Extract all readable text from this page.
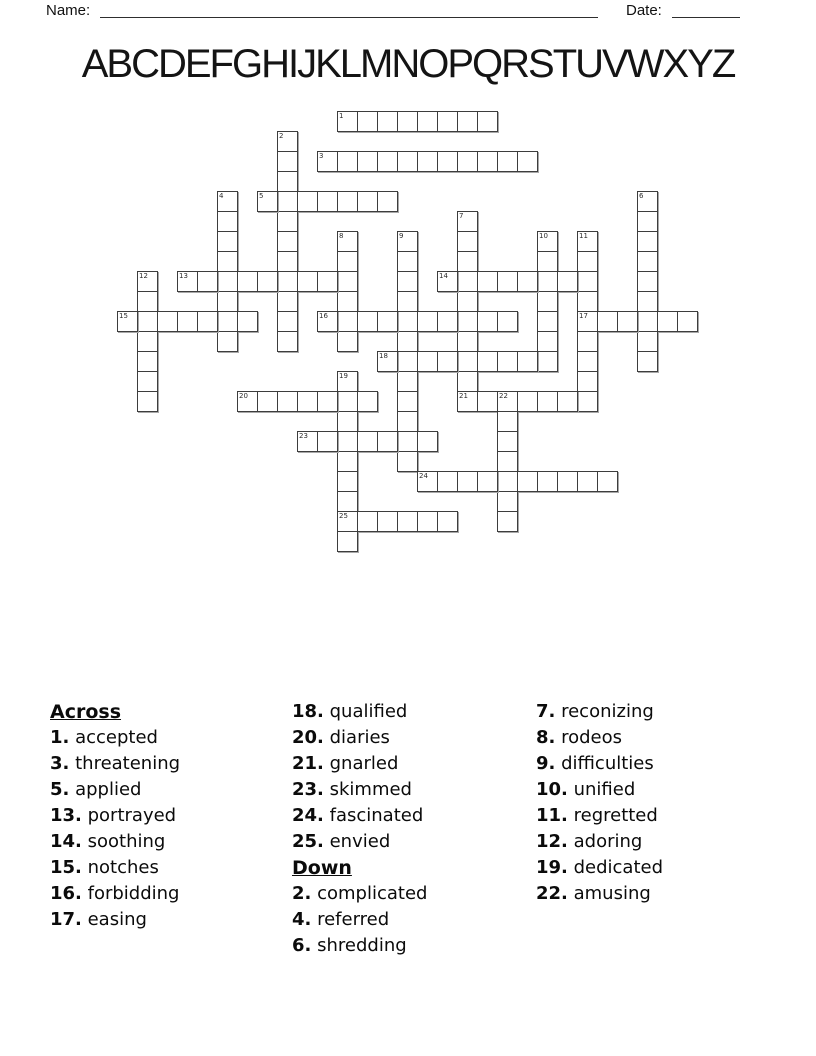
Name:	Date:
ABCDEFGHIJKLMNOPQRSTUVWXYZ
1
2
3
4	5	6
7
21
8	9	10	11
17
12	13	14
15	16
18
19
25
20	22
23
24
Across
1. accepted
3. threatening
5. applied
13. portrayed
14. soothing
15. notches
16. forbidding
17. easing
18. qualified
20. diaries
21. gnarled
23. skimmed
24. fascinated
25. envied
Down
2. complicated
4. referred
6. shredding
7. reconizing
8. rodeos
9. difficulties
10. unified
11. regretted
12. adoring
19. dedicated
22. amusing
